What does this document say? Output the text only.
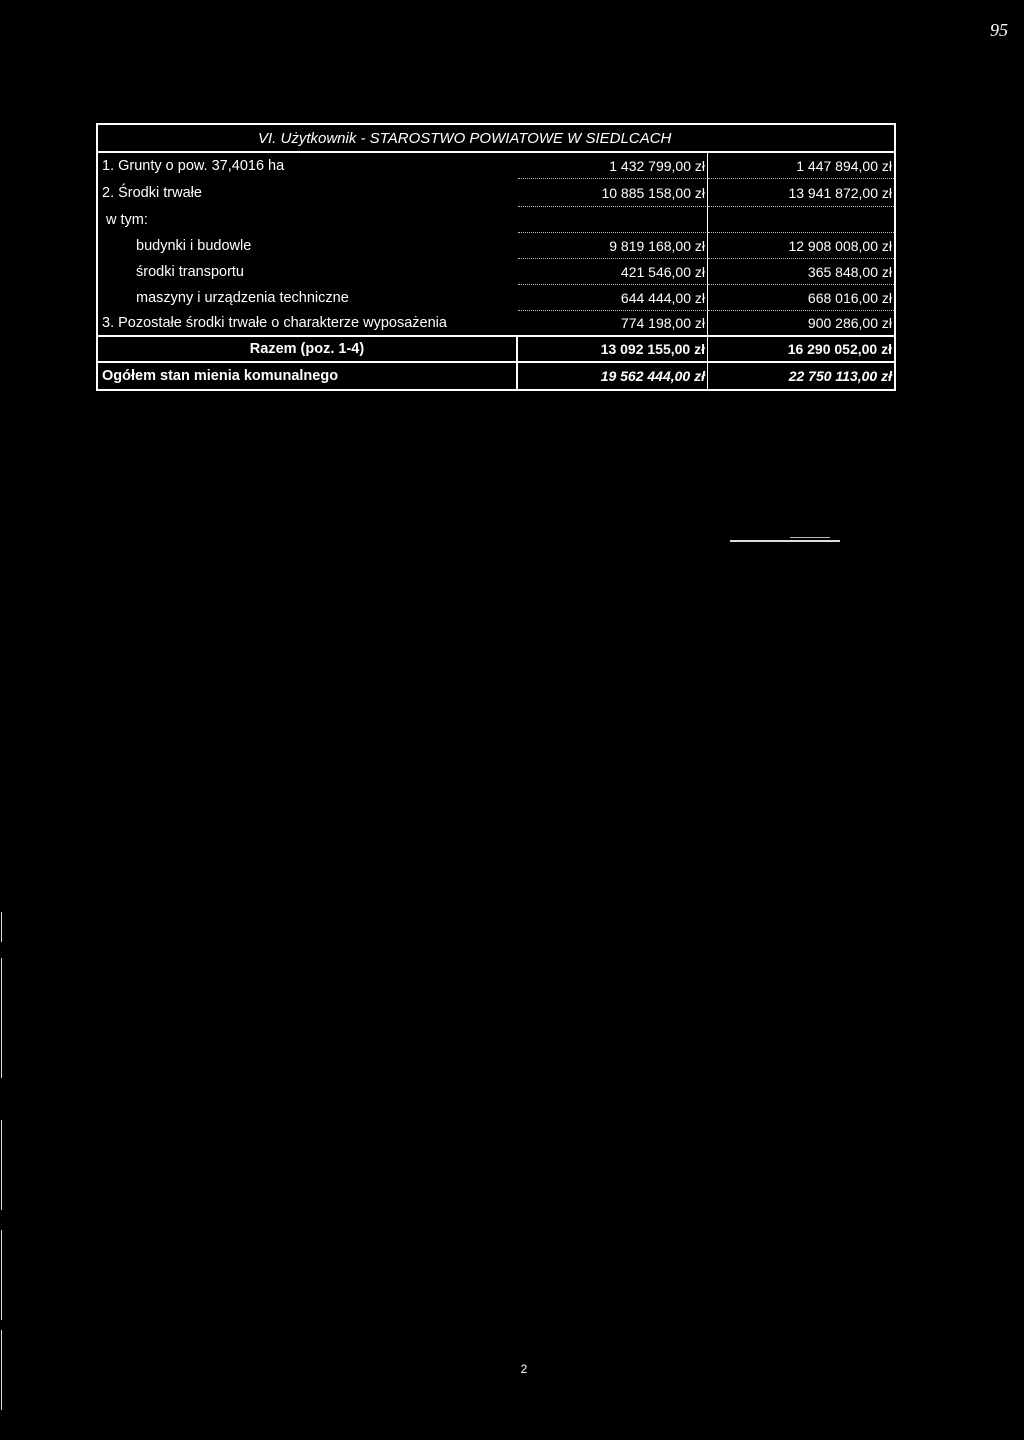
95
VI. Użytkownik - STAROSTWO POWIATOWE W SIEDLCACH
1. Grunty o pow. 37,4016 ha	1 432 799,00 zł	1 447 894,00 zł
2. Środki trwałe	10 885 158,00 zł	13 941 872,00 zł
w tym:
budynki i budowle	9 819 168,00 zł	12 908 008,00 zł
środki transportu	421 546,00 zł	365 848,00 zł
maszyny i urządzenia techniczne	644 444,00 zł	668 016,00 zł
3. Pozostałe środki trwałe o charakterze wyposażenia	774 198,00 zł	900 286,00 zł
Razem (poz. 1-4)	13 092 155,00 zł	16 290 052,00 zł
Ogółem stan mienia komunalnego	19 562 444,00 zł	22 750 113,00 zł
2
